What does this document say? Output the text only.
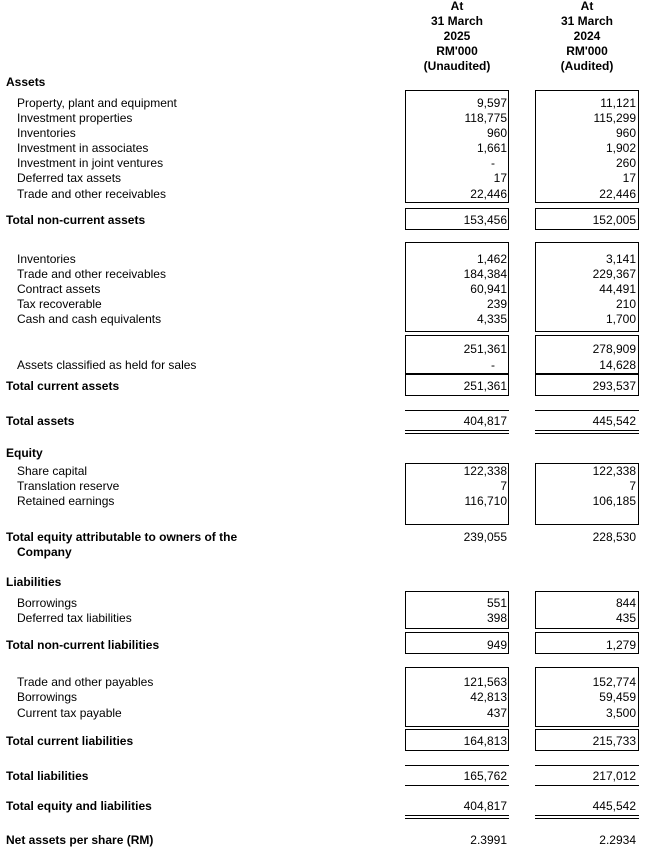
At
31 March
2025
RM'000
(Unaudited)
At
31 March
2024
RM'000
(Audited)
Assets
Property, plant and equipment	9,597	11,121
Investment properties	118,775	115,299
Inventories	960	960
Investment in associates	1,661	1,902
Investment in joint ventures	-	260
Deferred tax assets	17	17
Trade and other receivables	22,446	22,446
Total non-current assets	153,456	152,005
Inventories	1,462	3,141
Trade and other receivables	184,384	229,367
Contract assets	60,941	44,491
Tax recoverable	239	210
Cash and cash equivalents	4,335	1,700
251,361	278,909
Assets classified as held for sales	-	14,628
Total current assets	251,361	293,537
Total assets	404,817	445,542
Equity
Share capital	122,338	122,338
Translation reserve	7	7
Retained earnings	116,710	106,185
Total equity attributable to owners of the
Company
239,055	228,530
Liabilities
Borrowings	551	844
Deferred tax liabilities	398	435
Total non-current liabilities	949	1,279
Trade and other payables	121,563	152,774
Borrowings	42,813	59,459
Current tax payable	437	3,500
Total current liabilities	164,813	215,733
Total liabilities	165,762	217,012
Total equity and liabilities	404,817	445,542
Net assets per share (RM)	2.3991	2.2934
